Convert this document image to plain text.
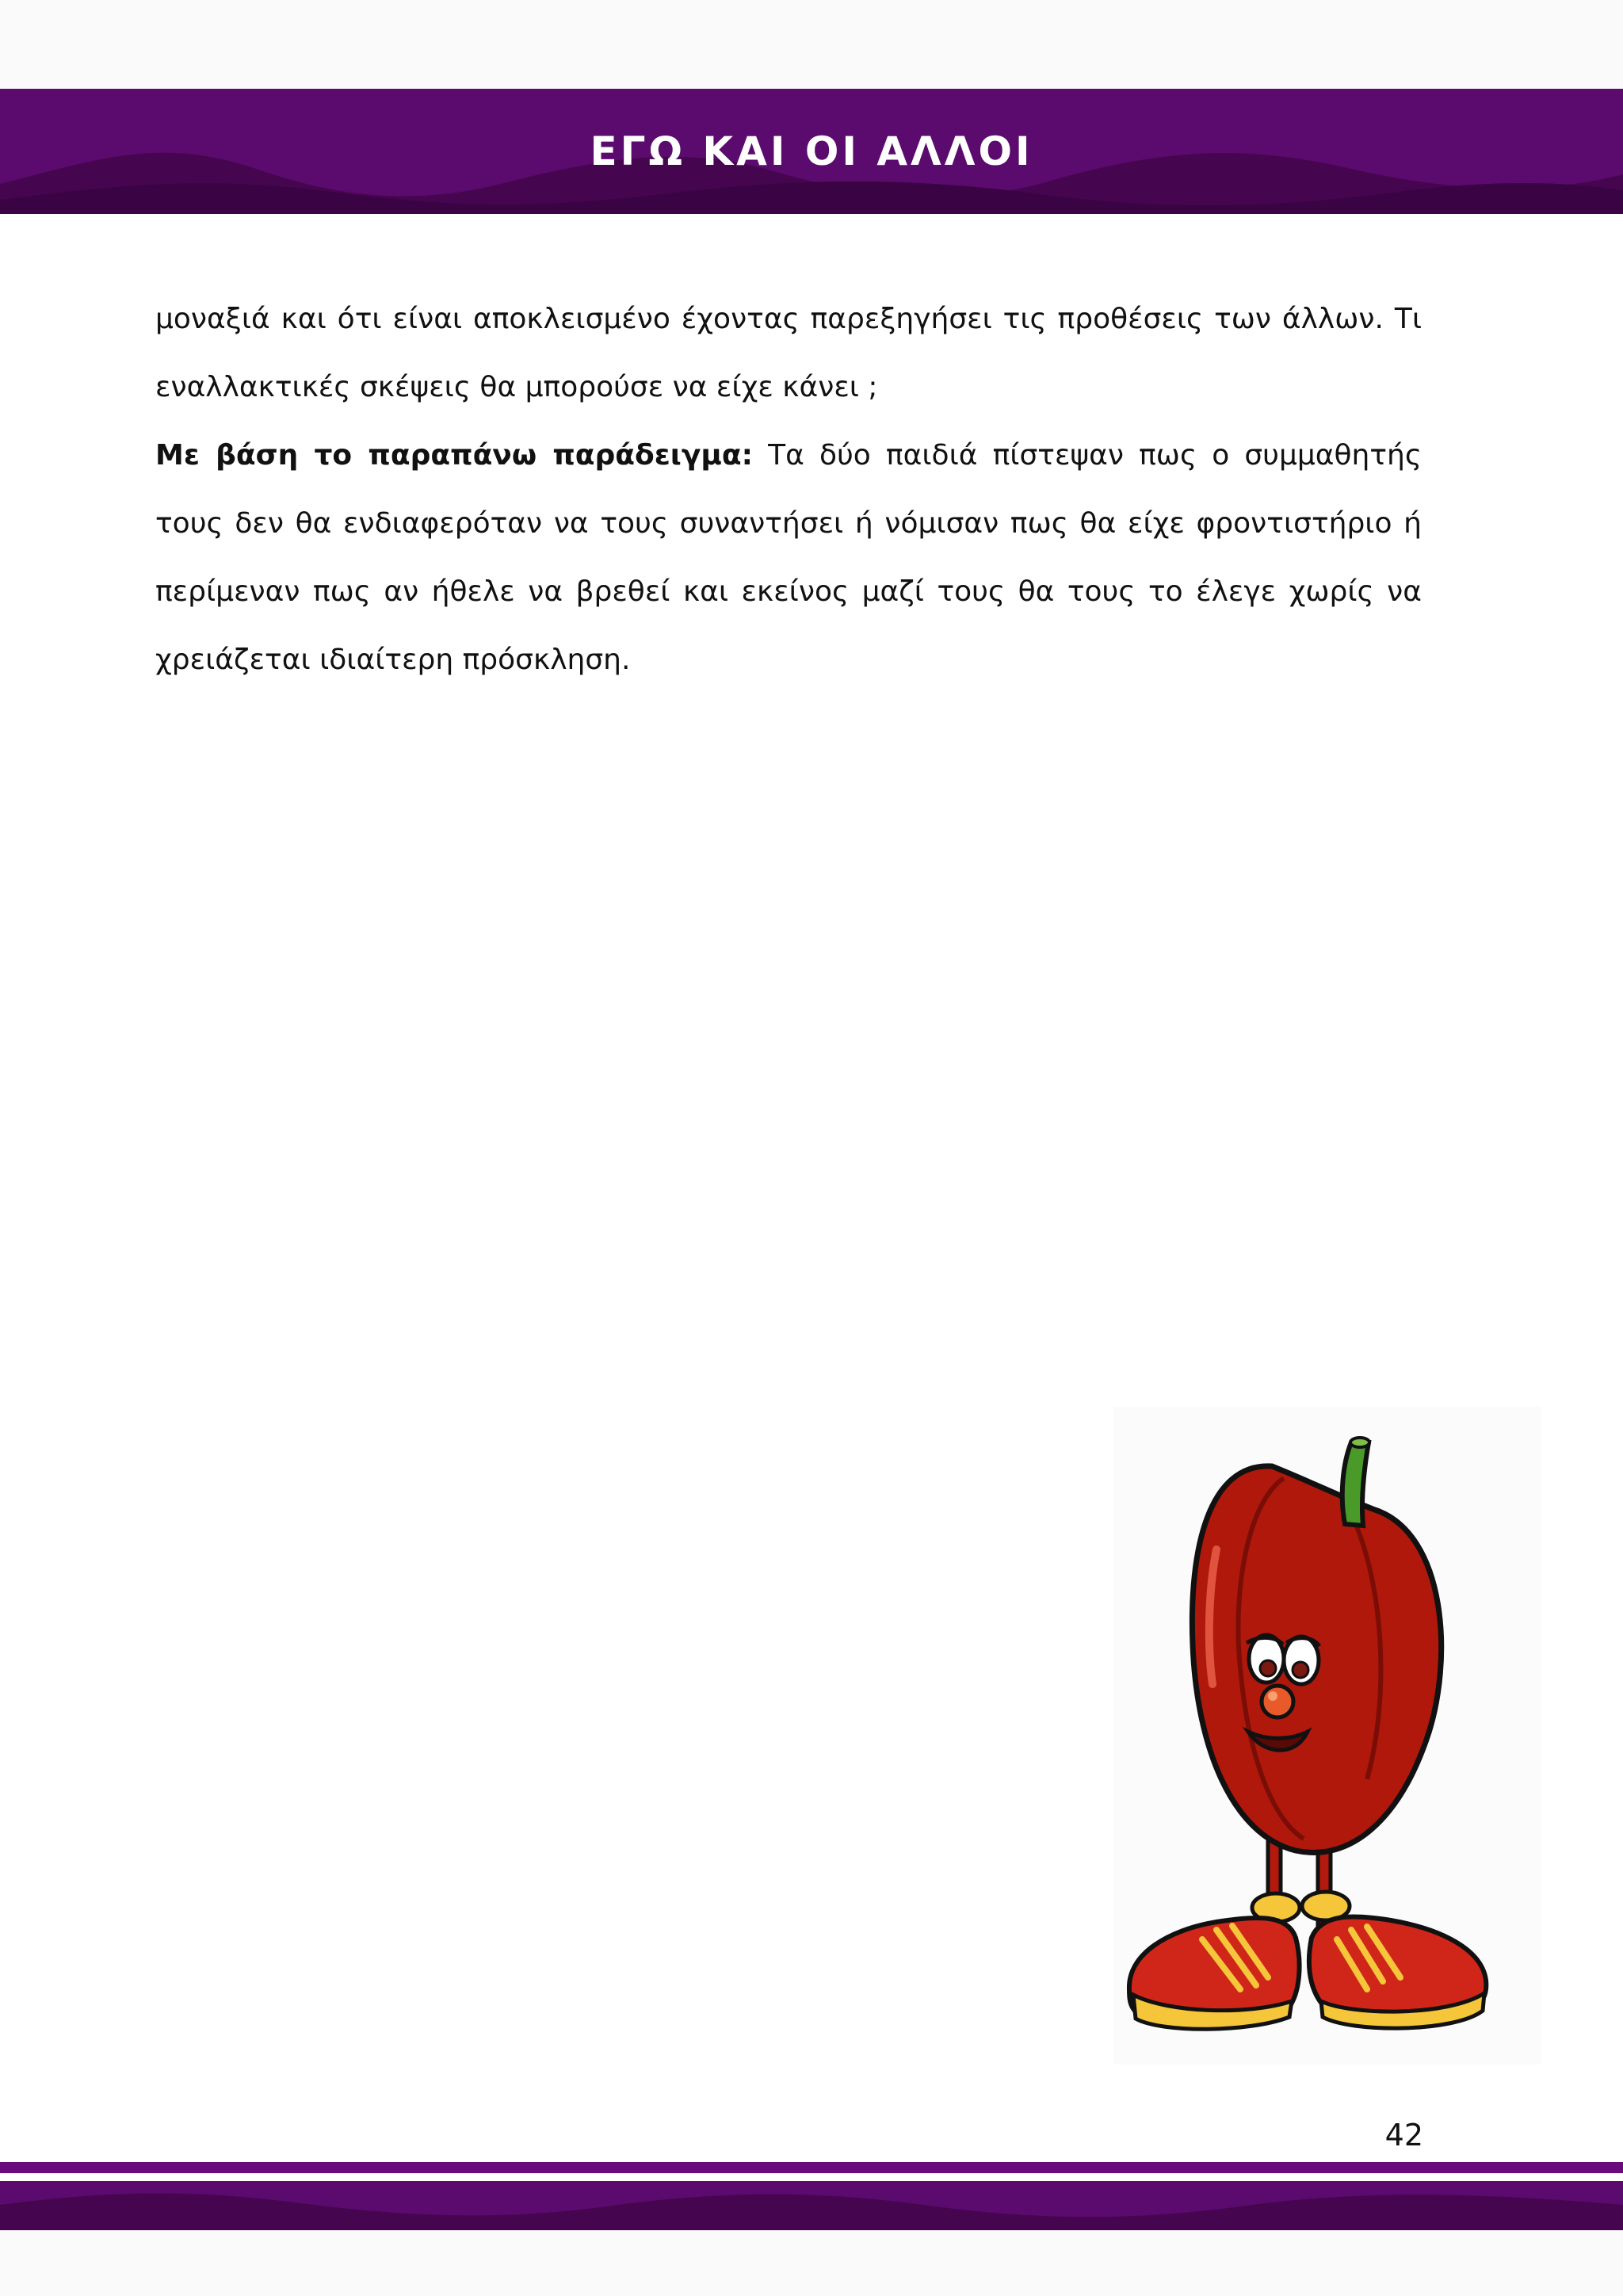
ΕΓΩ ΚΑΙ ΟΙ ΑΛΛΟΙ

μοναξιά και ότι είναι αποκλεισμένο έχοντας παρεξηγήσει τις προθέσεις των άλλων. Τι εναλλακτικές σκέψεις θα μπορούσε να είχε κάνει ;

Με βάση το παραπάνω παράδειγμα: Τα δύο παιδιά πίστεψαν πως ο συμμαθητής τους δεν θα ενδιαφερόταν να τους συναντήσει ή νόμισαν πως θα είχε φροντιστήριο ή περίμεναν πως αν ήθελε να βρεθεί και εκείνος μαζί τους θα τους το έλεγε χωρίς να χρειάζεται ιδιαίτερη πρόσκληση.

42
